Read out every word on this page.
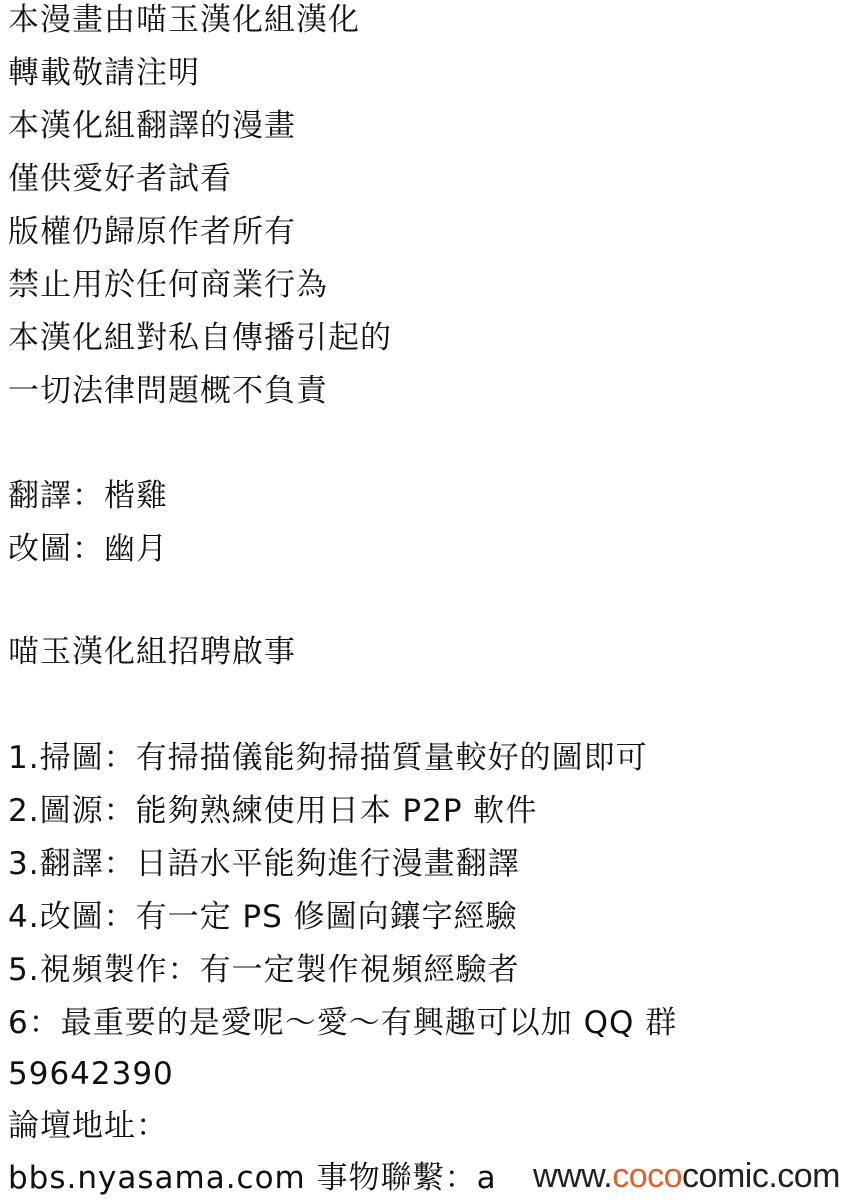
本漫畫由喵玉漢化組漢化
轉載敬請注明
本漢化組翻譯的漫畫
僅供愛好者試看
版權仍歸原作者所有
禁止用於任何商業行為
本漢化組對私自傳播引起的
一切法律問題概不負責
翻譯：楷雞
改圖：幽月
喵玉漢化組招聘啟事
1.掃圖：有掃描儀能夠掃描質量較好的圖即可
2.圖源：能夠熟練使用日本 P2P 軟件
3.翻譯：日語水平能夠進行漫畫翻譯
4.改圖：有一定 PS 修圖向鑲字經驗
5.視頻製作：有一定製作視頻經驗者
6：最重要的是愛呢～愛～有興趣可以加 QQ 群
59642390
論壇地址：
bbs.nyasama.com 事物聯繫：a www.cococomic.com
